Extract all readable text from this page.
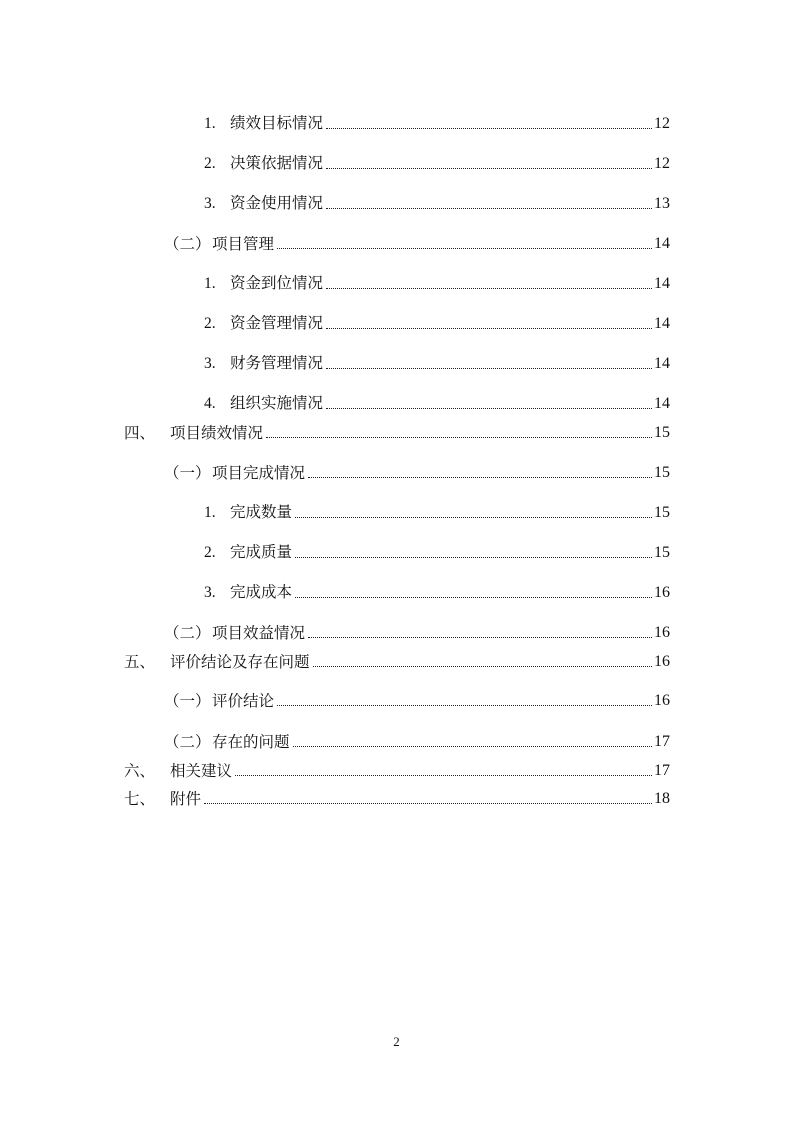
1. 绩效目标情况	12
2. 决策依据情况	12
3. 资金使用情况	13
（二）项目管理	14
1. 资金到位情况	14
2. 资金管理情况	14
3. 财务管理情况	14
4. 组织实施情况	14
四、 项目绩效情况	15
（一）项目完成情况	15
1. 完成数量	15
2. 完成质量	15
3. 完成成本	16
（二）项目效益情况	16
五、 评价结论及存在问题	16
（一）评价结论	16
（二）存在的问题	17
六、 相关建议	17
七、 附件	18
2
